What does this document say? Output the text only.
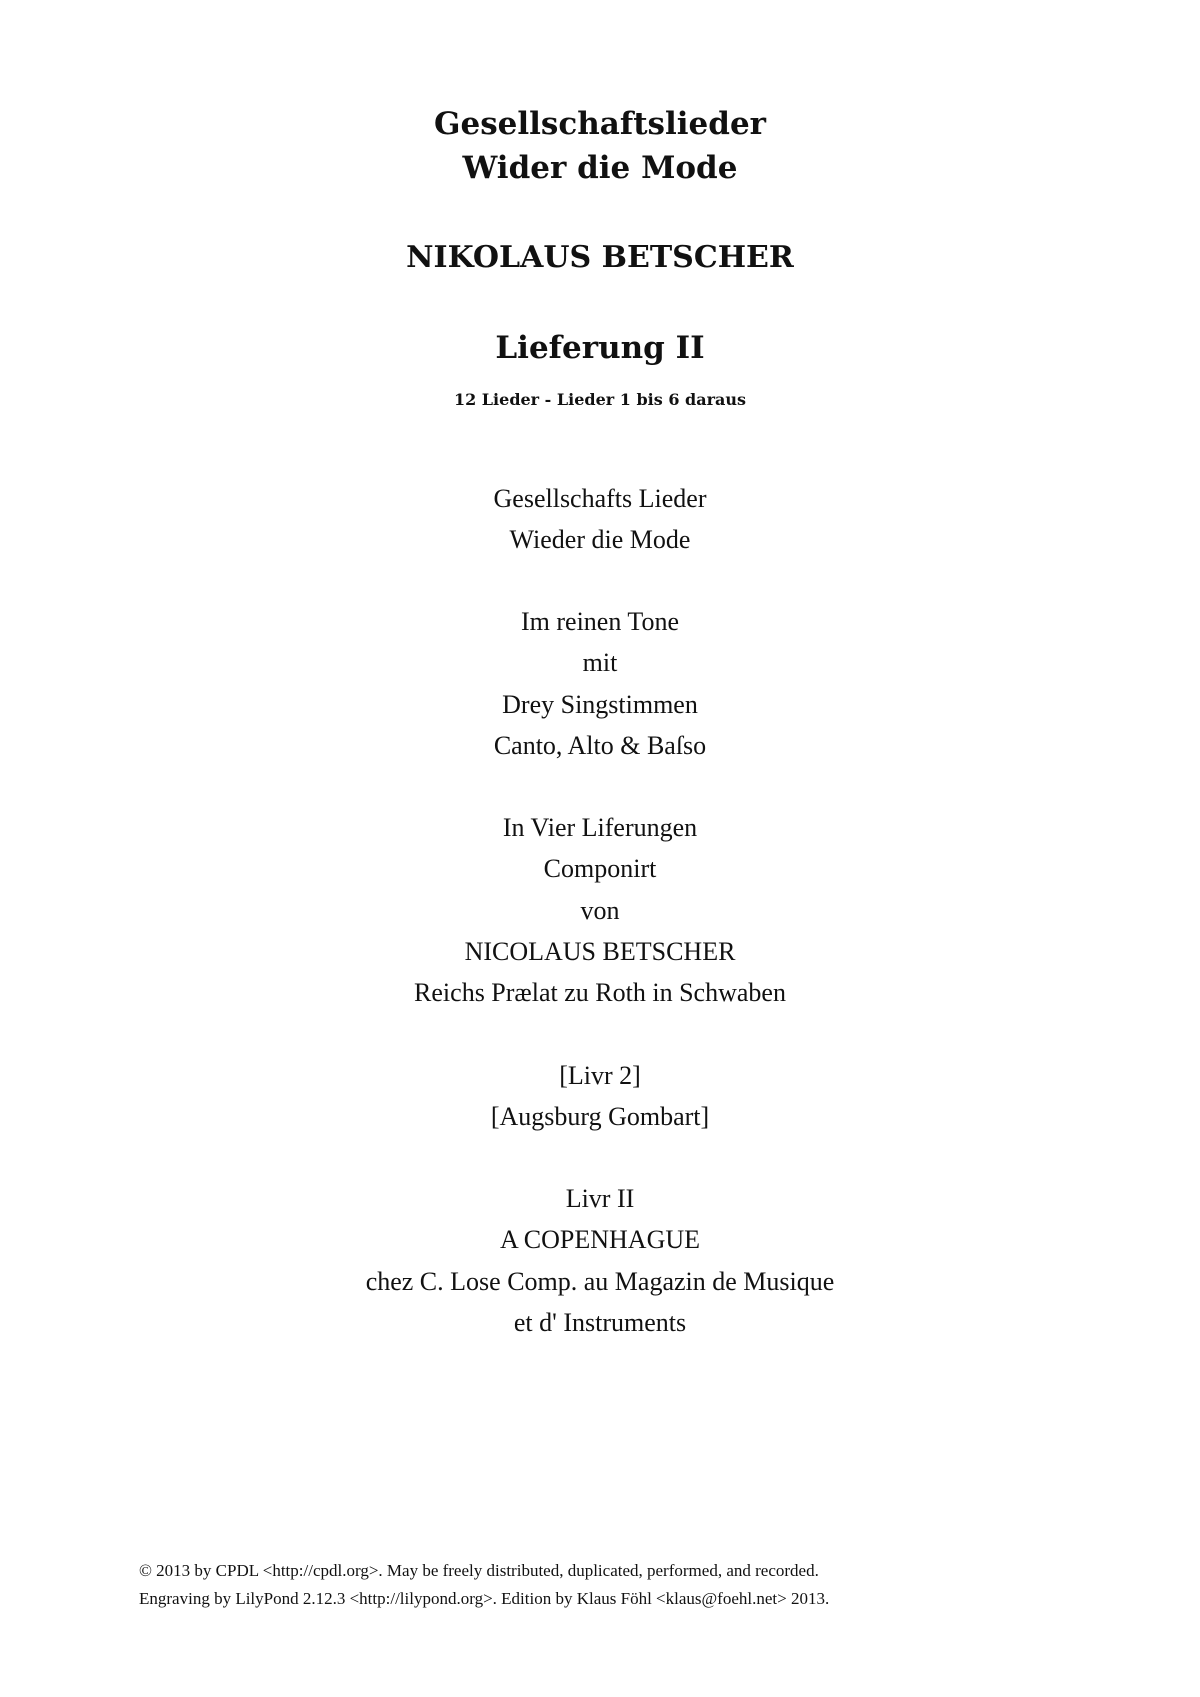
Gesellschaftslieder
Wider die Mode
NIKOLAUS BETSCHER
Lieferung II
12 Lieder - Lieder 1 bis 6 daraus
Gesellschafts Lieder
Wieder die Mode
Im reinen Tone
mit
Drey Singstimmen
Canto, Alto & Baſso
In Vier Liferungen
Componirt
von
NICOLAUS BETSCHER
Reichs Prælat zu Roth in Schwaben
[Livr 2]
[Augsburg Gombart]
Livr II
A COPENHAGUE
chez C. Lose Comp. au Magazin de Musique
et d' Instruments
© 2013 by CPDL <http://cpdl.org>. May be freely distributed, duplicated, performed, and recorded.
Engraving by LilyPond 2.12.3 <http://lilypond.org>. Edition by Klaus Föhl <klaus@foehl.net> 2013.
